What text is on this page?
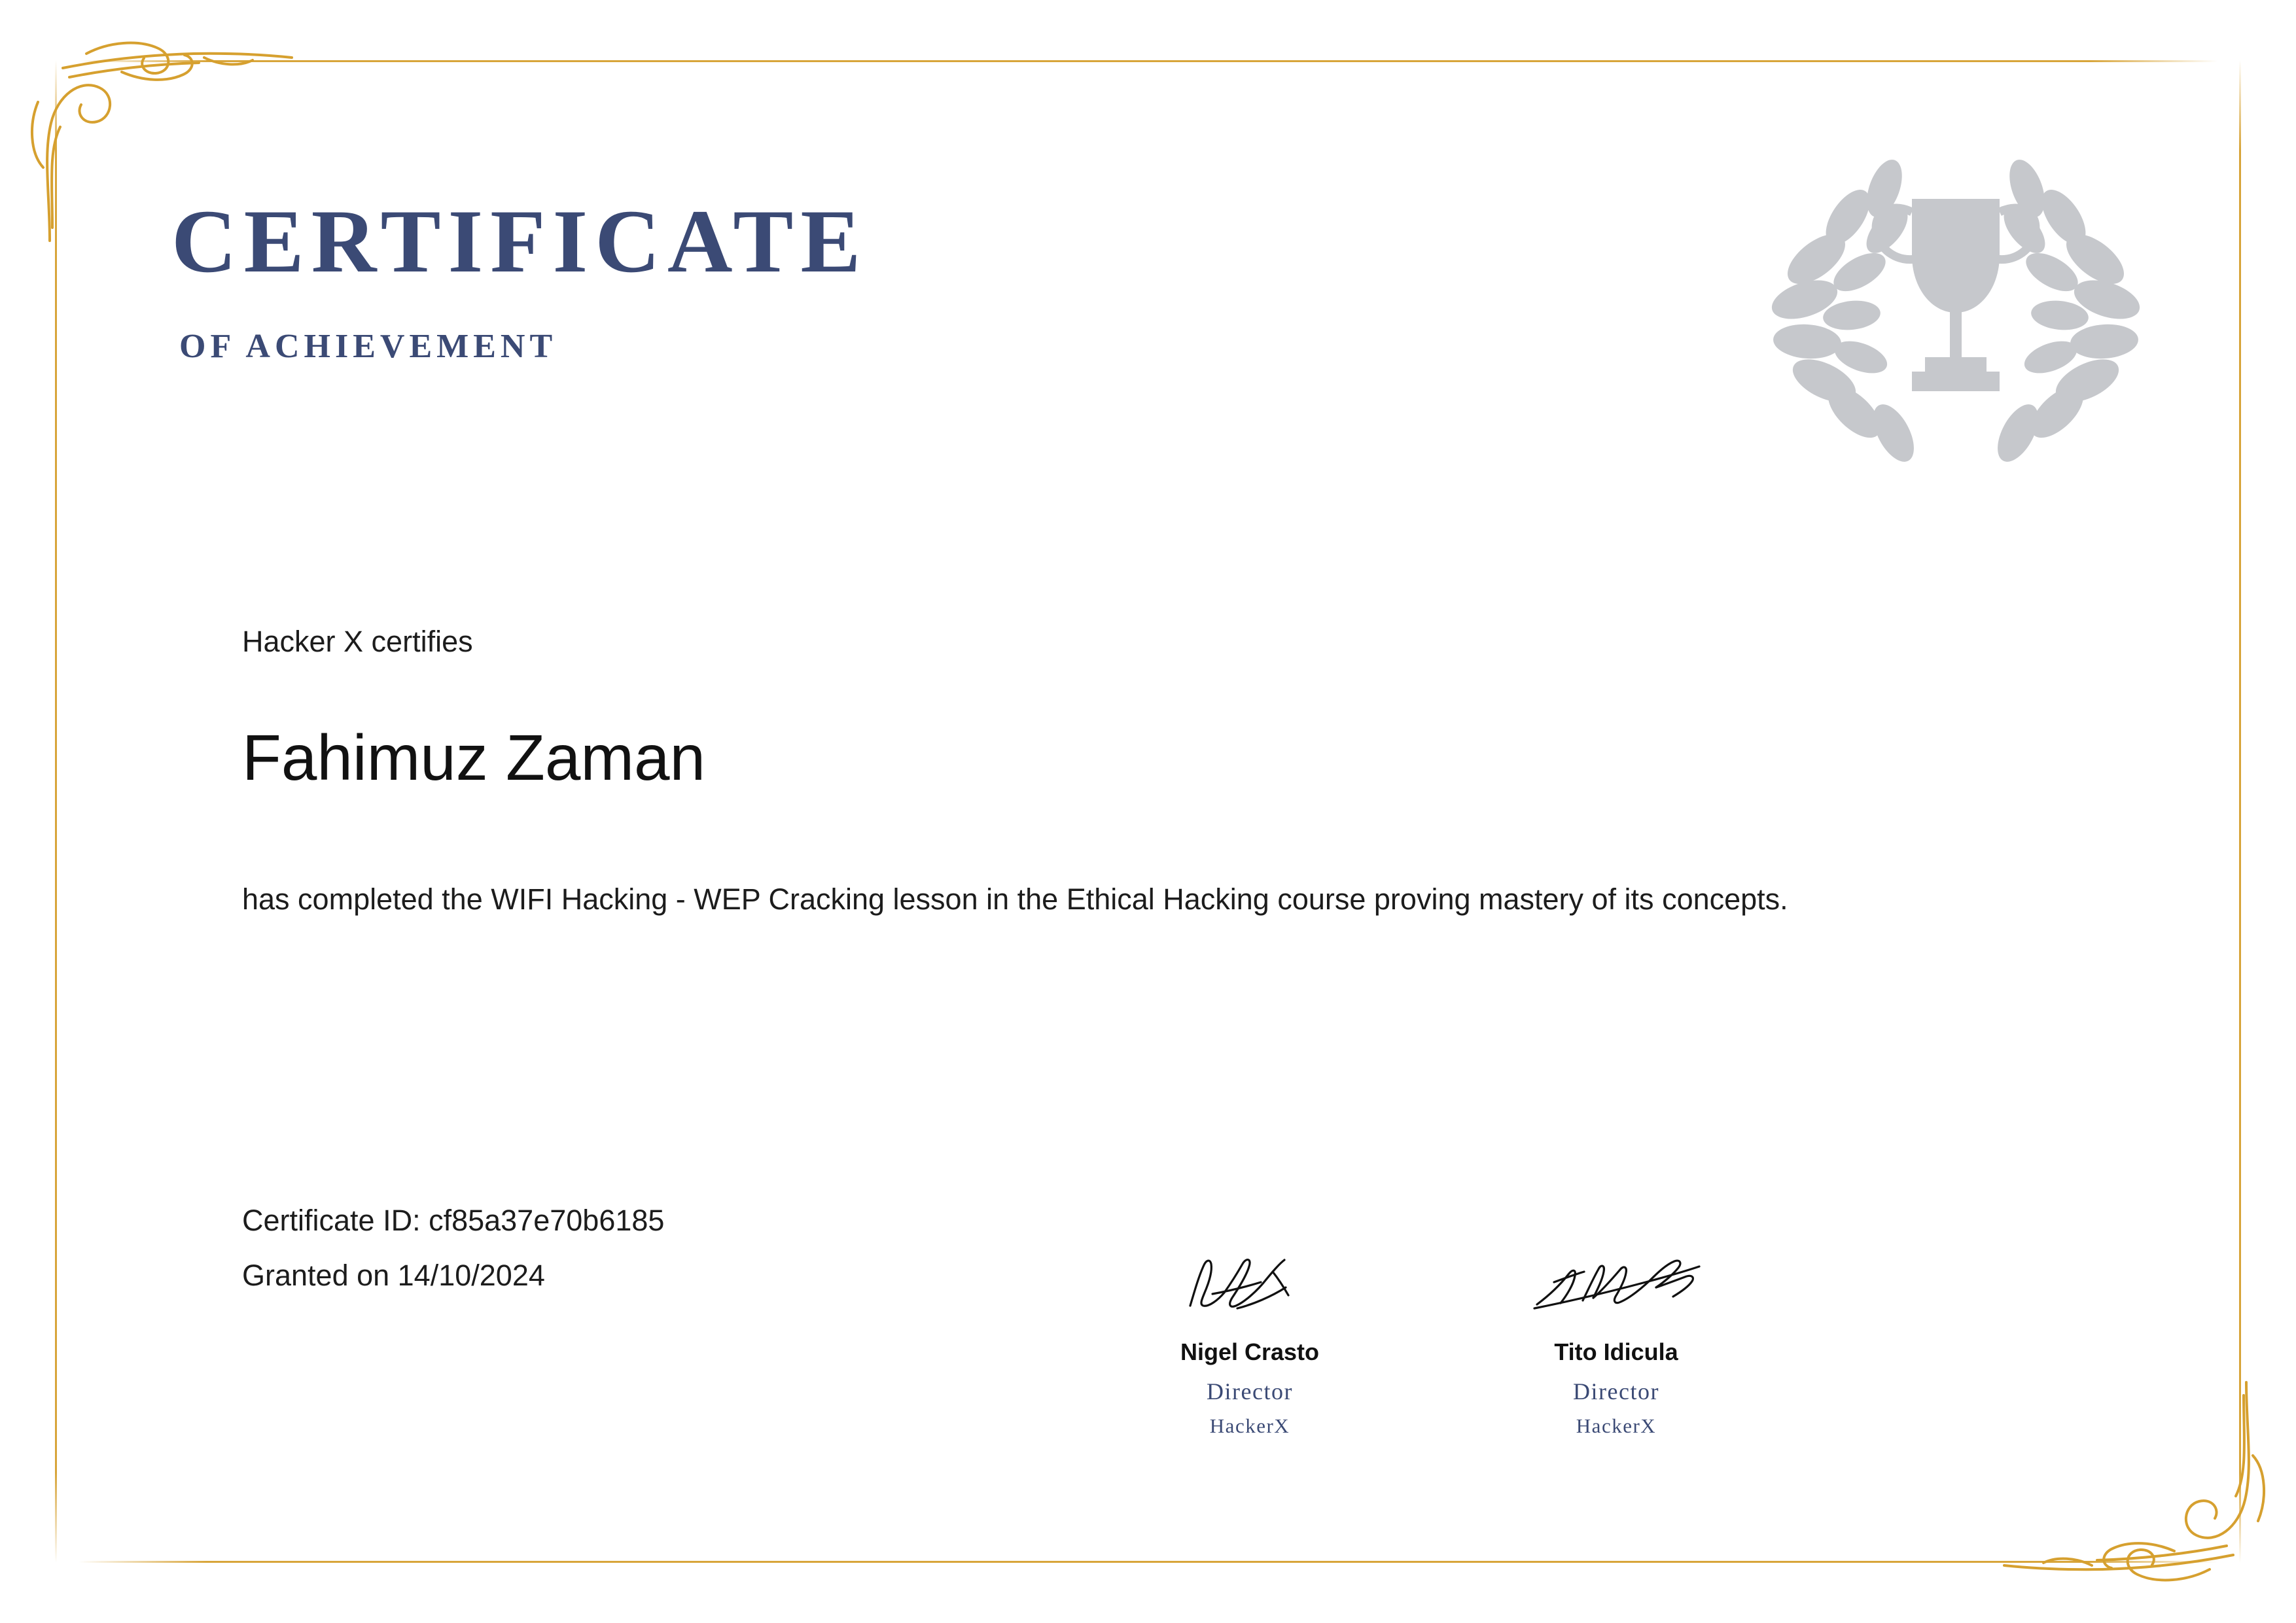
CERTIFICATE
OF ACHIEVEMENT

Hacker X certifies

Fahimuz Zaman

has completed the WIFI Hacking - WEP Cracking lesson in the Ethical Hacking course proving mastery of its concepts.

Certificate ID: cf85a37e70b6185

Granted on 14/10/2024

Nigel Crasto

Director

HackerX

Tito Idicula

Director

HackerX
